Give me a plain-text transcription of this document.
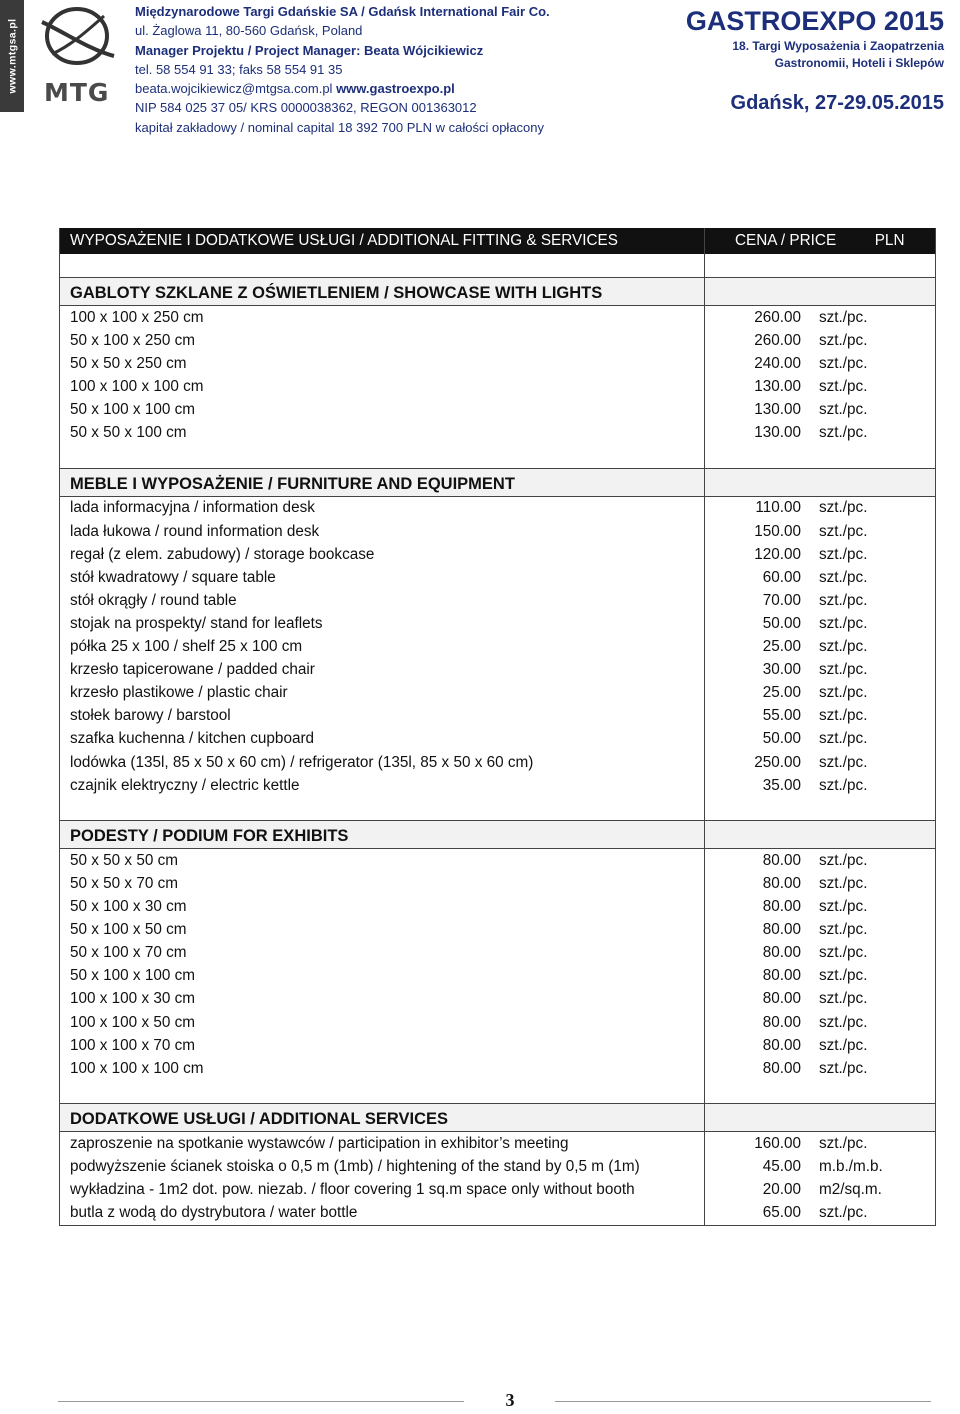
www.mtgsa.pl MTG
Międzynarodowe Targi Gdańskie SA / Gdańsk International Fair Co.
ul. Żaglowa 11, 80-560 Gdańsk, Poland
Manager Projektu / Project Manager: Beata Wójcikiewicz
tel. 58 554 91 33; faks 58 554 91 35
beata.wojcikiewicz@mtgsa.com.pl www.gastroexpo.pl
NIP 584 025 37 05/ KRS 0000038362, REGON 001363012
kapitał zakładowy / nominal capital 18 392 700 PLN w całości opłacony
GASTROEXPO 2015
18. Targi Wyposażenia i Zaopatrzenia
Gastronomii, Hoteli i Sklepów
Gdańsk, 27-29.05.2015
WYPOSAŻENIE I DODATKOWE USŁUGI / ADDITIONAL FITTING & SERVICES		CENA / PRICE	PLN

GABLOTY SZKLANE Z OŚWIETLENIEM / SHOWCASE WITH LIGHTS	
100 x 100 x 250 cm	260.00 szt./pc.
50 x 100 x 250 cm	260.00 szt./pc.
50 x 50 x 250 cm	240.00 szt./pc.
100 x 100 x 100 cm	130.00 szt./pc.
50 x 100 x 100 cm	130.00 szt./pc.
50 x 50 x 100 cm	130.00 szt./pc.

MEBLE I WYPOSAŻENIE / FURNITURE AND EQUIPMENT	
lada informacyjna / information desk	110.00 szt./pc.
lada łukowa / round information desk	150.00 szt./pc.
regał (z elem. zabudowy) / storage bookcase	120.00 szt./pc.
stół kwadratowy / square table	60.00 szt./pc.
stół okrągły / round table	70.00 szt./pc.
stojak na prospekty/ stand for leaflets	50.00 szt./pc.
półka 25 x 100 / shelf 25 x 100 cm	25.00 szt./pc.
krzesło tapicerowane / padded chair	30.00 szt./pc.
krzesło plastikowe / plastic chair	25.00 szt./pc.
stołek barowy / barstool	55.00 szt./pc.
szafka kuchenna / kitchen cupboard	50.00 szt./pc.
lodówka (135l, 85 x 50 x 60 cm) / refrigerator (135l, 85 x 50 x 60 cm)	250.00 szt./pc.
czajnik elektryczny / electric kettle	35.00 szt./pc.

PODESTY / PODIUM FOR EXHIBITS	
50 x 50 x 50 cm	80.00 szt./pc.
50 x 50 x 70 cm	80.00 szt./pc.
50 x 100 x 30 cm	80.00 szt./pc.
50 x 100 x 50 cm	80.00 szt./pc.
50 x 100 x 70 cm	80.00 szt./pc.
50 x 100 x 100 cm	80.00 szt./pc.
100 x 100 x 30 cm	80.00 szt./pc.
100 x 100 x 50 cm	80.00 szt./pc.
100 x 100 x 70 cm	80.00 szt./pc.
100 x 100 x 100 cm	80.00 szt./pc.

DODATKOWE USŁUGI / ADDITIONAL SERVICES	
zaproszenie na spotkanie wystawców / participation in exhibitor’s meeting	160.00 szt./pc.
podwyższenie ścianek stoiska o 0,5 m (1mb) / hightening of the stand by 0,5 m (1m)	45.00 m.b./m.b.
wykładzina - 1m2 dot. pow. niezab. / floor covering 1 sq.m space only without booth	20.00 m2/sq.m.
butla z wodą do dystrybutora / water bottle	65.00 szt./pc.
3
